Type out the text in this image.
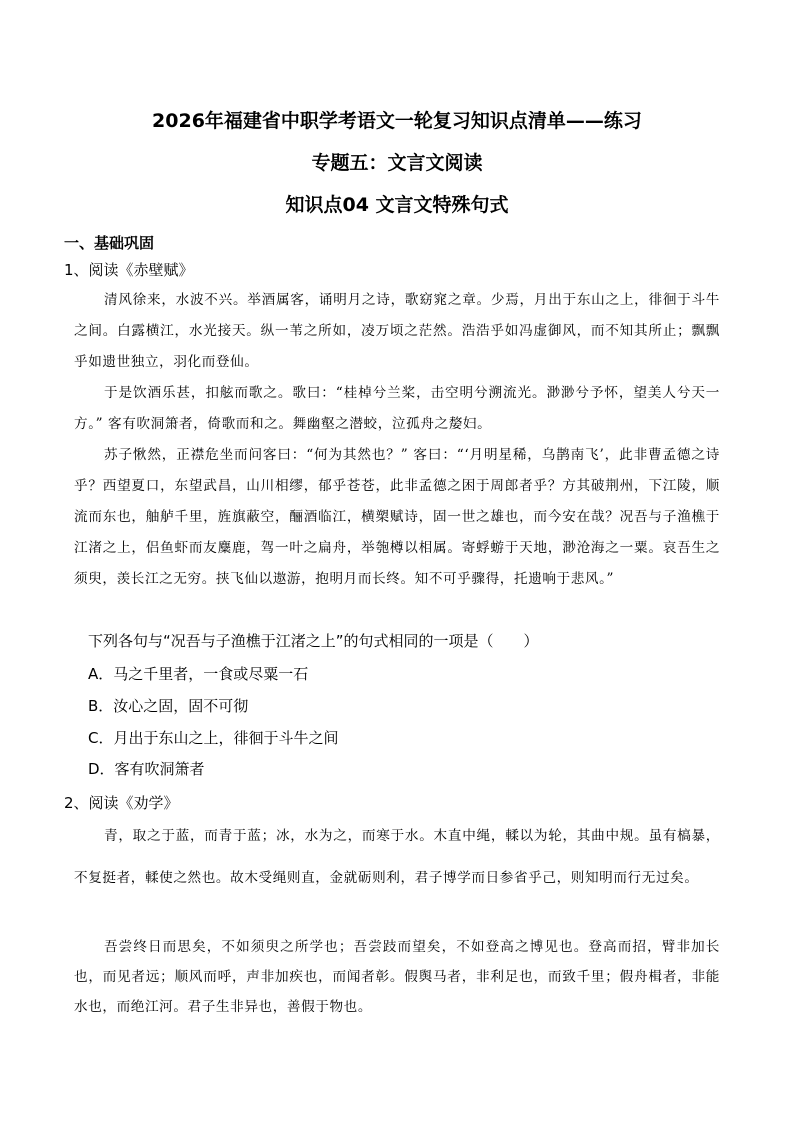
2026年福建省中职学考语文一轮复习知识点清单——练习
专题五：文言文阅读
知识点04 文言文特殊句式
一、基础巩固
1、阅读《赤壁赋》

清风徐来，水波不兴。举酒属客，诵明月之诗，歌窈窕之章。少焉，月出于东山之上，徘徊于斗牛之间。白露横江，水光接天。纵一苇之所如，凌万顷之茫然。浩浩乎如冯虚御风，而不知其所止；飘飘乎如遗世独立，羽化而登仙。

于是饮酒乐甚，扣舷而歌之。歌曰：“桂棹兮兰桨，击空明兮溯流光。渺渺兮予怀，望美人兮天一方。” 客有吹洞箫者，倚歌而和之。舞幽壑之潜蛟，泣孤舟之嫠妇。

苏子愀然，正襟危坐而问客曰：“何为其然也？” 客曰：“‘月明星稀，乌鹊南飞’，此非曹孟德之诗乎？西望夏口，东望武昌，山川相缪，郁乎苍苍，此非孟德之困于周郎者乎？方其破荆州，下江陵，顺流而东也，舳舻千里，旌旗蔽空，酾酒临江，横槊赋诗，固一世之雄也，而今安在哉？况吾与子渔樵于江渚之上，侣鱼虾而友麋鹿，驾一叶之扁舟，举匏樽以相属。寄蜉蝣于天地，渺沧海之一粟。哀吾生之须臾，羡长江之无穷。挟飞仙以遨游，抱明月而长终。知不可乎骤得，托遗响于悲风。”

下列各句与“况吾与子渔樵于江渚之上”的句式相同的一项是（　　）
A．马之千里者，一食或尽粟一石
B．汝心之固，固不可彻
C．月出于东山之上，徘徊于斗牛之间
D．客有吹洞箫者
2、阅读《劝学》

青，取之于蓝，而青于蓝；冰，水为之，而寒于水。木直中绳，輮以为轮，其曲中规。虽有槁暴，不复挺者，輮使之然也。故木受绳则直，金就砺则利，君子博学而日参省乎己，则知明而行无过矣。

吾尝终日而思矣，不如须臾之所学也；吾尝跂而望矣，不如登高之博见也。登高而招，臂非加长也，而见者远；顺风而呼，声非加疾也，而闻者彰。假舆马者，非利足也，而致千里；假舟楫者，非能水也，而绝江河。君子生非异也，善假于物也。
